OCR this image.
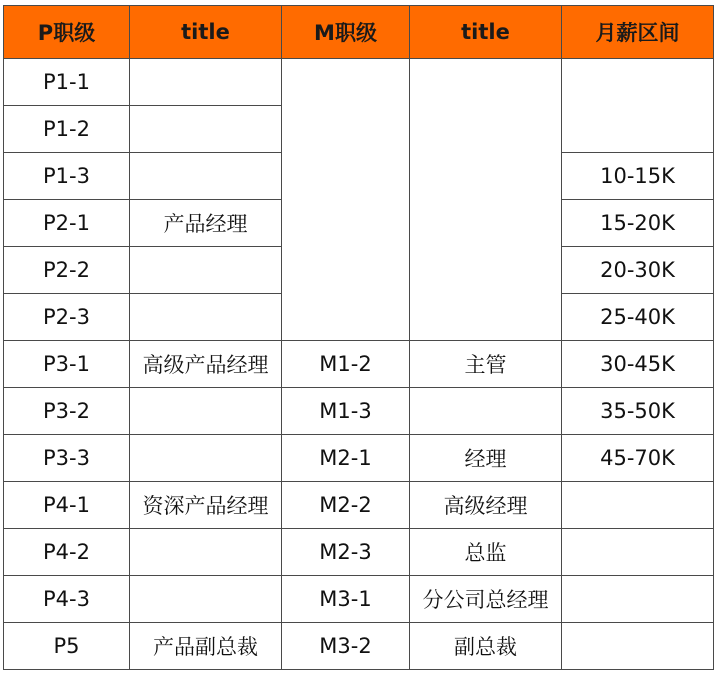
P职级	title	M职级	title	月薪区间
P1-1				
P1-2				
P1-3				10-15K
P2-1	产品经理			15-20K
P2-2				20-30K
P2-3				25-40K
P3-1	高级产品经理	M1-2	主管	30-45K
P3-2		M1-3		35-50K
P3-3		M2-1	经理	45-70K
P4-1	资深产品经理	M2-2	高级经理	
P4-2		M2-3	总监	
P4-3		M3-1	分公司总经理	
P5	产品副总裁	M3-2	副总裁	
